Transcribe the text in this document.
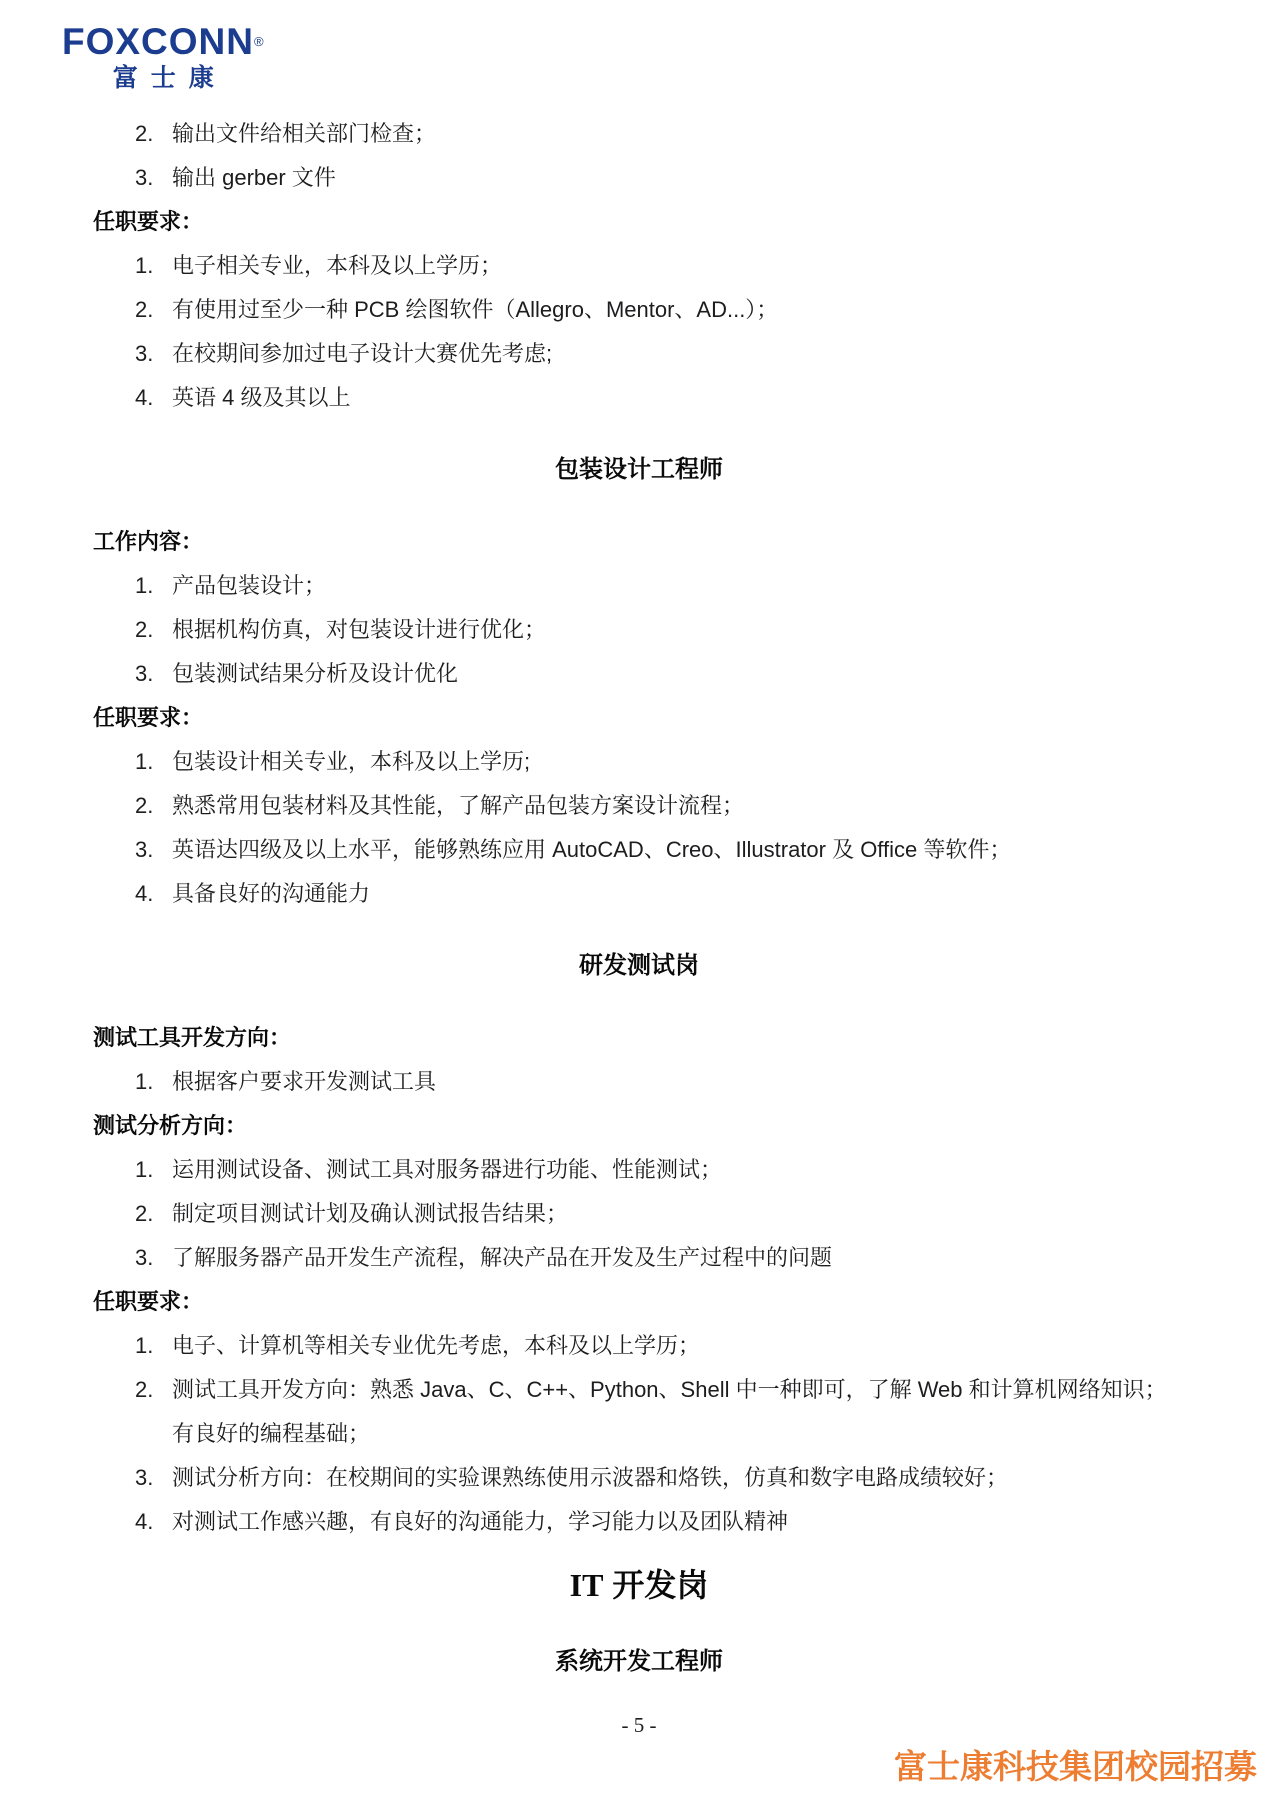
FOXCONN®
富士康
2. 输出文件给相关部门检查；
3. 输出 gerber 文件
任职要求：
1. 电子相关专业，本科及以上学历；
2. 有使用过至少一种 PCB 绘图软件（Allegro、Mentor、AD...）；
3. 在校期间参加过电子设计大赛优先考虑;
4. 英语 4 级及其以上
包装设计工程师
工作内容：
1. 产品包装设计；
2. 根据机构仿真，对包装设计进行优化；
3. 包装测试结果分析及设计优化
任职要求：
1. 包装设计相关专业，本科及以上学历;
2. 熟悉常用包装材料及其性能，了解产品包装方案设计流程；
3. 英语达四级及以上水平，能够熟练应用 AutoCAD、Creo、Illustrator 及 Office 等软件；
4. 具备良好的沟通能力
研发测试岗
测试工具开发方向：
1. 根据客户要求开发测试工具
测试分析方向：
1. 运用测试设备、测试工具对服务器进行功能、性能测试；
2. 制定项目测试计划及确认测试报告结果；
3. 了解服务器产品开发生产流程，解决产品在开发及生产过程中的问题
任职要求：
1. 电子、计算机等相关专业优先考虑，本科及以上学历；
2. 测试工具开发方向：熟悉 Java、C、C++、Python、Shell 中一种即可，了解 Web 和计算机网络知识；有良好的编程基础；
3. 测试分析方向：在校期间的实验课熟练使用示波器和烙铁，仿真和数字电路成绩较好；
4. 对测试工作感兴趣，有良好的沟通能力，学习能力以及团队精神
IT 开发岗
系统开发工程师
- 5 -
富士康科技集团校园招募
